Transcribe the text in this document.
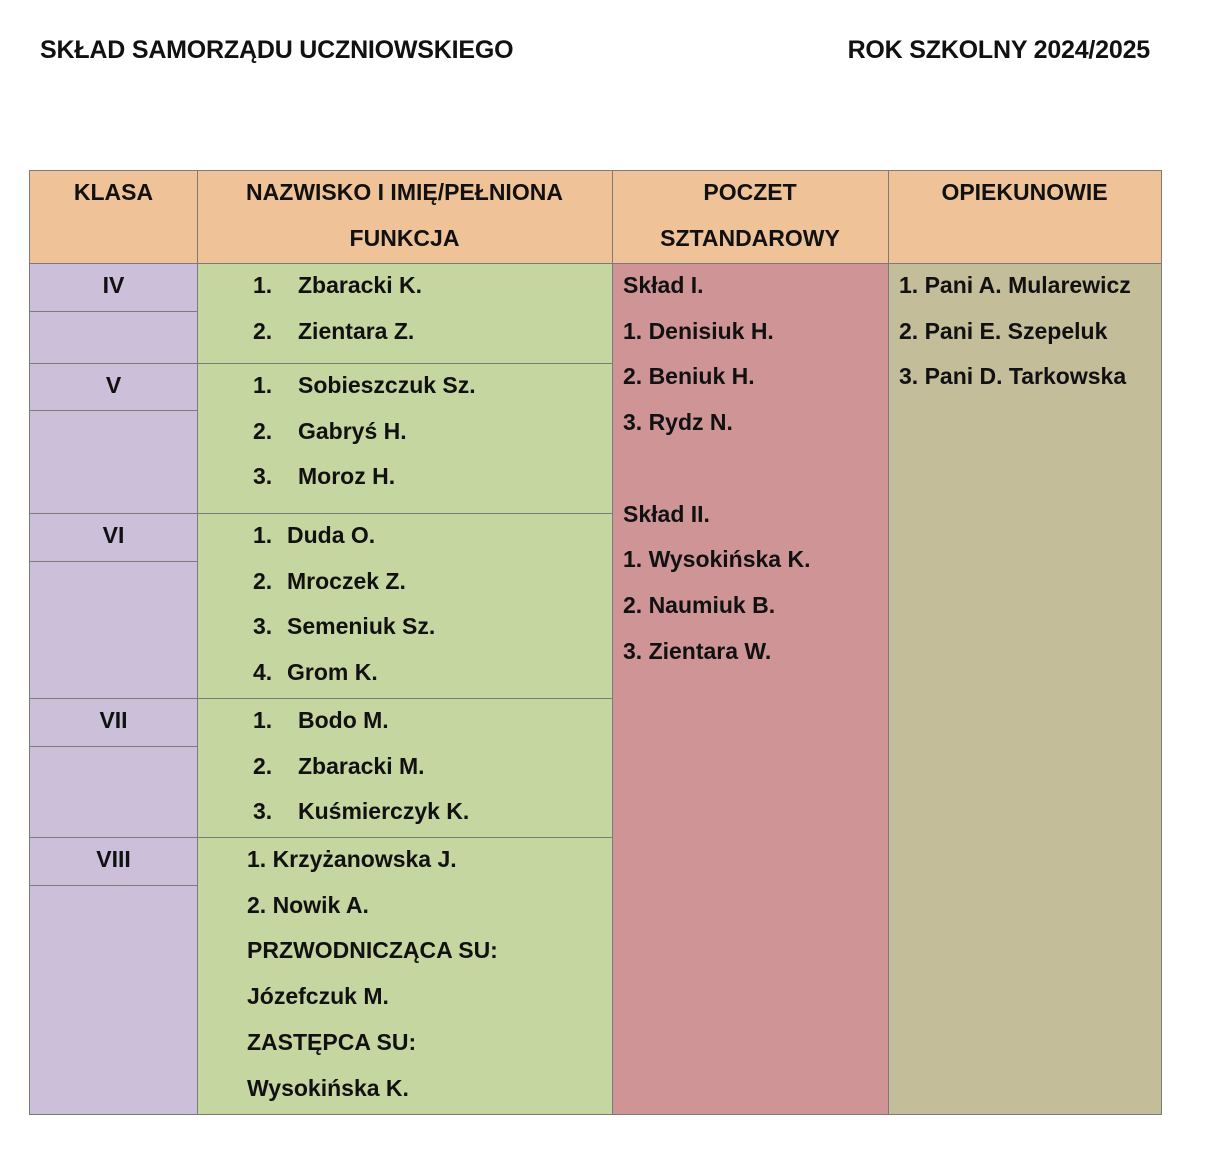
SKŁAD SAMORZĄDU UCZNIOWSKIEGO	ROK SZKOLNY 2024/2025
KLASA	NAZWISKO I IMIĘ/PEŁNIONA
FUNKCJA
POCZET
SZTANDAROWY
OPIEKUNOWIE
IV
V
VI
VII
VIII
1. Zbaracki K.
2. Zientara Z.
1. Sobieszczuk Sz.
2. Gabryś H.
3. Moroz H.
1. Duda O.
2. Mroczek Z.
3. Semeniuk Sz.
4. Grom K.
1. Bodo M.
2. Zbaracki M.
3. Kuśmierczyk K.
1. Krzyżanowska J.
2. Nowik A.
PRZWODNICZĄCA SU:
Józefczuk M.
ZASTĘPCA SU:
Wysokińska K.
Skład I.
1. Denisiuk H.
2. Beniuk H.
3. Rydz N.
Skład II.
1. Wysokińska K.
2. Naumiuk B.
3. Zientara W.
1. Pani A. Mularewicz
2. Pani E. Szepeluk
3. Pani D. Tarkowska
